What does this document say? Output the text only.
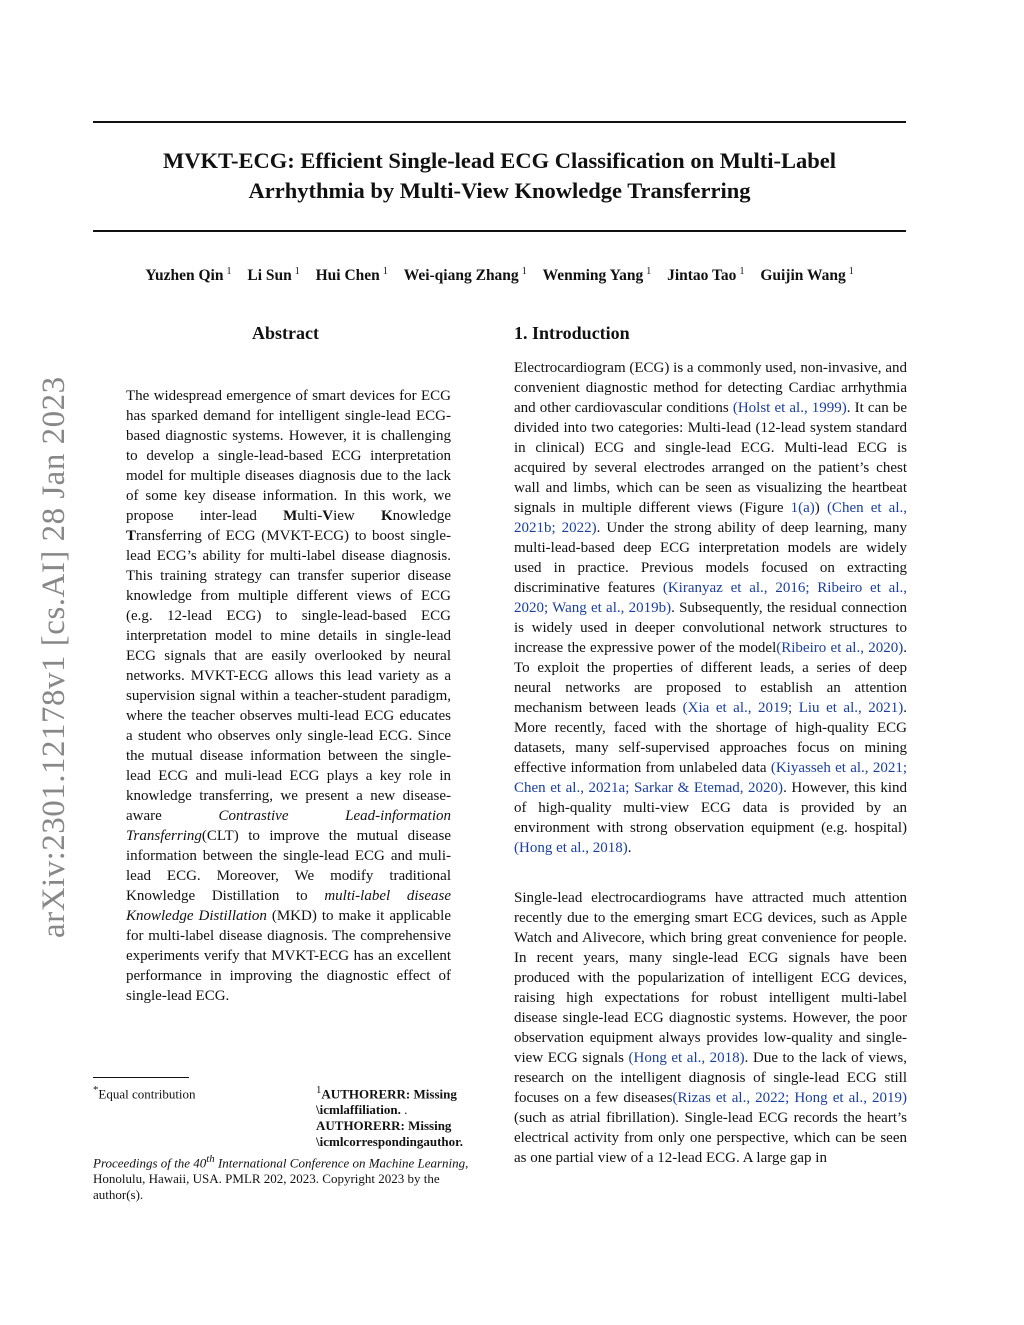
MVKT-ECG: Efficient Single-lead ECG Classification on Multi-Label
Arrhythmia by Multi-View Knowledge Transferring
Yuzhen Qin $^1$ Li Sun $^1$ Hui Chen $^1$ Wei-qiang Zhang $^1$ Wenming Yang $^1$ Jintao Tao $^1$ Guijin Wang $^1$
arXiv:2301.12178v1 [cs.AI] 28 Jan 2023
Abstract
The widespread emergence of smart devices for ECG has sparked demand for intelligent single-lead ECG-based diagnostic systems. However, it is challenging to develop a single-lead-based ECG interpretation model for multiple diseases diagnosis due to the lack of some key disease information. In this work, we propose inter-lead Multi-View Knowledge Transferring of ECG (MVKT-ECG) to boost single-lead ECG’s ability for multi-label disease diagnosis. This training strategy can transfer superior disease knowledge from multiple different views of ECG (e.g. 12-lead ECG) to single-lead-based ECG interpretation model to mine details in single-lead ECG signals that are easily overlooked by neural networks. MVKT-ECG allows this lead variety as a supervision signal within a teacher-student paradigm, where the teacher observes multi-lead ECG educates a student who observes only single-lead ECG. Since the mutual disease information between the single-lead ECG and muli-lead ECG plays a key role in knowledge transferring, we present a new disease-aware Contrastive Lead-information Transferring(CLT) to improve the mutual disease information between the single-lead ECG and muli-lead ECG. Moreover, We modify traditional Knowledge Distillation to multi-label disease Knowledge Distillation (MKD) to make it applicable for multi-label disease diagnosis. The comprehensive experiments verify that MVKT-ECG has an excellent performance in improving the diagnostic effect of single-lead ECG.
*Equal contribution	$^1$AUTHORERR: Missing \icmlaffiliation. . AUTHORERR: Missing \icmlcorrespondingauthor.
Proceedings of the 40th International Conference on Machine Learning, Honolulu, Hawaii, USA. PMLR 202, 2023. Copyright 2023 by the author(s).
1. Introduction
Electrocardiogram (ECG) is a commonly used, non-invasive, and convenient diagnostic method for detecting Cardiac arrhythmia and other cardiovascular conditions (Holst et al., 1999). It can be divided into two categories: Multi-lead (12-lead system standard in clinical) ECG and single-lead ECG. Multi-lead ECG is acquired by several electrodes arranged on the patient’s chest wall and limbs, which can be seen as visualizing the heartbeat signals in multiple different views (Figure 1(a)) (Chen et al., 2021b; 2022). Under the strong ability of deep learning, many multi-lead-based deep ECG interpretation models are widely used in practice. Previous models focused on extracting discriminative features (Kiranyaz et al., 2016; Ribeiro et al., 2020; Wang et al., 2019b). Subsequently, the residual connection is widely used in deeper convolutional network structures to increase the expressive power of the model(Ribeiro et al., 2020). To exploit the properties of different leads, a series of deep neural networks are proposed to establish an attention mechanism between leads (Xia et al., 2019; Liu et al., 2021). More recently, faced with the shortage of high-quality ECG datasets, many self-supervised approaches focus on mining effective information from unlabeled data (Kiyasseh et al., 2021; Chen et al., 2021a; Sarkar & Etemad, 2020). However, this kind of high-quality multi-view ECG data is provided by an environment with strong observation equipment (e.g. hospital) (Hong et al., 2018).
Single-lead electrocardiograms have attracted much attention recently due to the emerging smart ECG devices, such as Apple Watch and Alivecore, which bring great convenience for people. In recent years, many single-lead ECG signals have been produced with the popularization of intelligent ECG devices, raising high expectations for robust intelligent multi-label disease single-lead ECG diagnostic systems. However, the poor observation equipment always provides low-quality and single-view ECG signals (Hong et al., 2018). Due to the lack of views, research on the intelligent diagnosis of single-lead ECG still focuses on a few diseases(Rizas et al., 2022; Hong et al., 2019) (such as atrial fibrillation). Single-lead ECG records the heart’s electrical activity from only one perspective, which can be seen as one partial view of a 12-lead ECG. A large gap in
